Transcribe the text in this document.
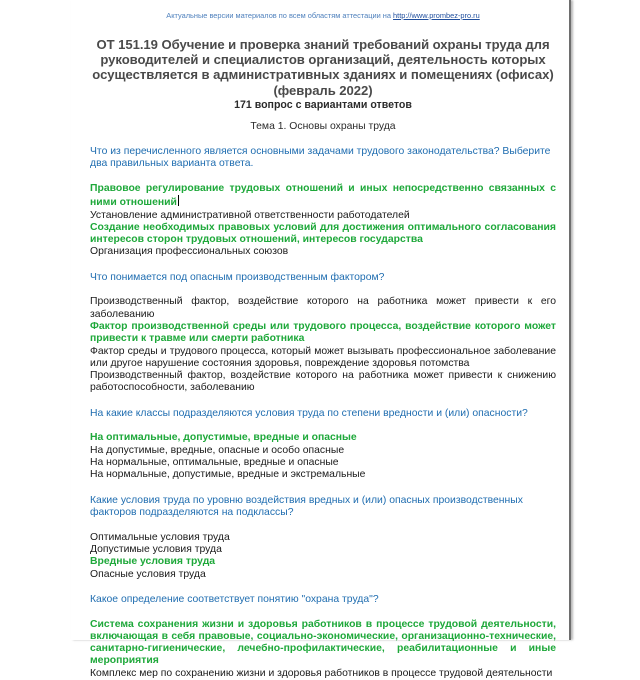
Актуальные версии материалов по всем областям аттестации на http://www.prombez-pro.ru
ОТ 151.19 Обучение и проверка знаний требований охраны труда для руководителей и специалистов организаций, деятельность которых осуществляется в административных зданиях и помещениях (офисах) (февраль 2022)
171 вопрос с вариантами ответов
Тема 1. Основы охраны труда
Что из перечисленного является основными задачами трудового законодательства? Выберите два правильных варианта ответа.
Правовое регулирование трудовых отношений и иных непосредственно связанных с ними отношений
Установление административной ответственности работодателей
Создание необходимых правовых условий для достижения оптимального согласования интересов сторон трудовых отношений, интересов государства
Организация профессиональных союзов
Что понимается под опасным производственным фактором?
Производственный фактор, воздействие которого на работника может привести к его заболеванию
Фактор производственной среды или трудового процесса, воздействие которого может привести к травме или смерти работника
Фактор среды и трудового процесса, который может вызывать профессиональное заболевание или другое нарушение состояния здоровья, повреждение здоровья потомства
Производственный фактор, воздействие которого на работника может привести к снижению работоспособности, заболеванию
На какие классы подразделяются условия труда по степени вредности и (или) опасности?
На оптимальные, допустимые, вредные и опасные
На допустимые, вредные, опасные и особо опасные
На нормальные, оптимальные, вредные и опасные
На нормальные, допустимые, вредные и экстремальные
Какие условия труда по уровню воздействия вредных и (или) опасных производственных факторов подразделяются на подклассы?
Оптимальные условия труда
Допустимые условия труда
Вредные условия труда
Опасные условия труда
Какое определение соответствует понятию "охрана труда"?
Система сохранения жизни и здоровья работников в процессе трудовой деятельности, включающая в себя правовые, социально-экономические, организационно-технические, санитарно-гигиенические, лечебно-профилактические, реабилитационные и иные мероприятия
Комплекс мер по сохранению жизни и здоровья работников в процессе трудовой деятельности
